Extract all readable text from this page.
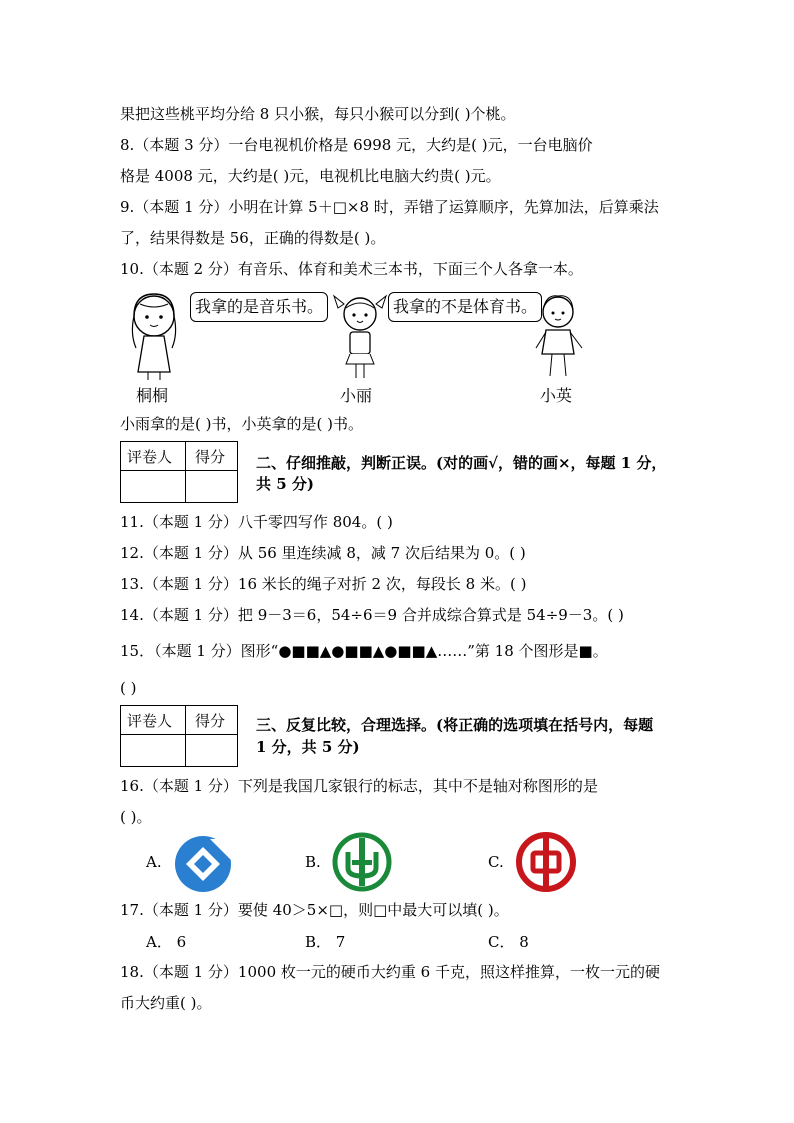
果把这些桃平均分给 8 只小猴，每只小猴可以分到( )个桃。
8.（本题 3 分）一台电视机价格是 6998 元，大约是( )元，一台电脑价
格是 4008 元，大约是( )元，电视机比电脑大约贵( )元。
9.（本题 1 分）小明在计算 5＋□×8 时，弄错了运算顺序，先算加法，后算乘法
了，结果得数是 56，正确的得数是( )。
10.（本题 2 分）有音乐、体育和美术三本书，下面三个人各拿一本。
我拿的是音乐书。
桐桐
我拿的不是体育书。
小丽	小英
小雨拿的是( )书，小英拿的是( )书。
评卷人 得分 二、仔细推敲，判断正误。(对的画√，错的画×，每题 1 分，
共 5 分)
11.（本题 1 分）八千零四写作 804。( )
12.（本题 1 分）从 56 里连续减 8，减 7 次后结果为 0。( )
13.（本题 1 分）16 米长的绳子对折 2 次，每段长 8 米。( )
14.（本题 1 分）把 9－3＝6，54÷6＝9 合并成综合算式是 54÷9－3。( )
15．（本题 1 分）图形“●■■▲●■■▲●■■▲……”第 18 个图形是■。
( )
评卷人 得分 三、反复比较，合理选择。(将正确的选项填在括号内，每题
1 分，共 5 分)
16.（本题 1 分）下列是我国几家银行的标志，其中不是轴对称图形的是
( )。
A.	B.	C.
17.（本题 1 分）要使 40＞5×□，则□中最大可以填( )。
A． 6	B． 7	C． 8
18.（本题 1 分）1000 枚一元的硬币大约重 6 千克，照这样推算，一枚一元的硬
币大约重( )。
